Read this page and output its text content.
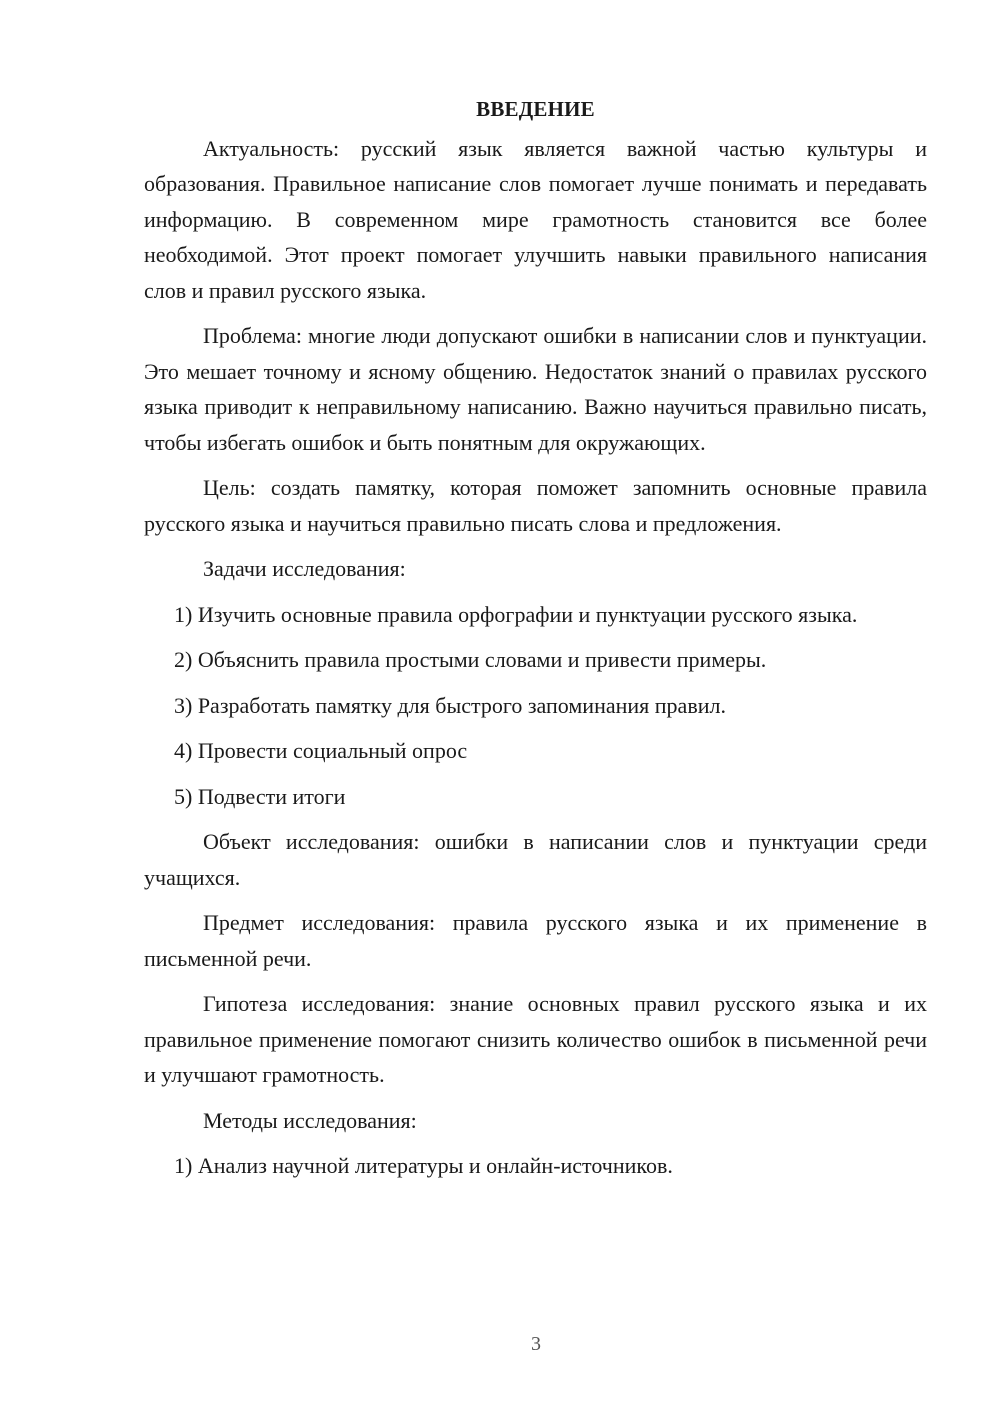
ВВЕДЕНИЕ

Актуальность: русский язык является важной частью культуры и образования. Правильное написание слов помогает лучше понимать и передавать информацию. В современном мире грамотность становится все более необходимой. Этот проект помогает улучшить навыки правильного написания слов и правил русского языка.

Проблема: многие люди допускают ошибки в написании слов и пунктуации. Это мешает точному и ясному общению. Недостаток знаний о правилах русского языка приводит к неправильному написанию. Важно научиться правильно писать, чтобы избегать ошибок и быть понятным для окружающих.

Цель: создать памятку, которая поможет запомнить основные правила русского языка и научиться правильно писать слова и предложения.

Задачи исследования:

1) Изучить основные правила орфографии и пунктуации русского языка.

2) Объяснить правила простыми словами и привести примеры.

3) Разработать памятку для быстрого запоминания правил.

4) Провести социальный опрос

5) Подвести итоги

Объект исследования: ошибки в написании слов и пунктуации среди учащихся.

Предмет исследования: правила русского языка и их применение в письменной речи.

Гипотеза исследования: знание основных правил русского языка и их правильное применение помогают снизить количество ошибок в письменной речи и улучшают грамотность.

Методы исследования:

1) Анализ научной литературы и онлайн-источников.

3
